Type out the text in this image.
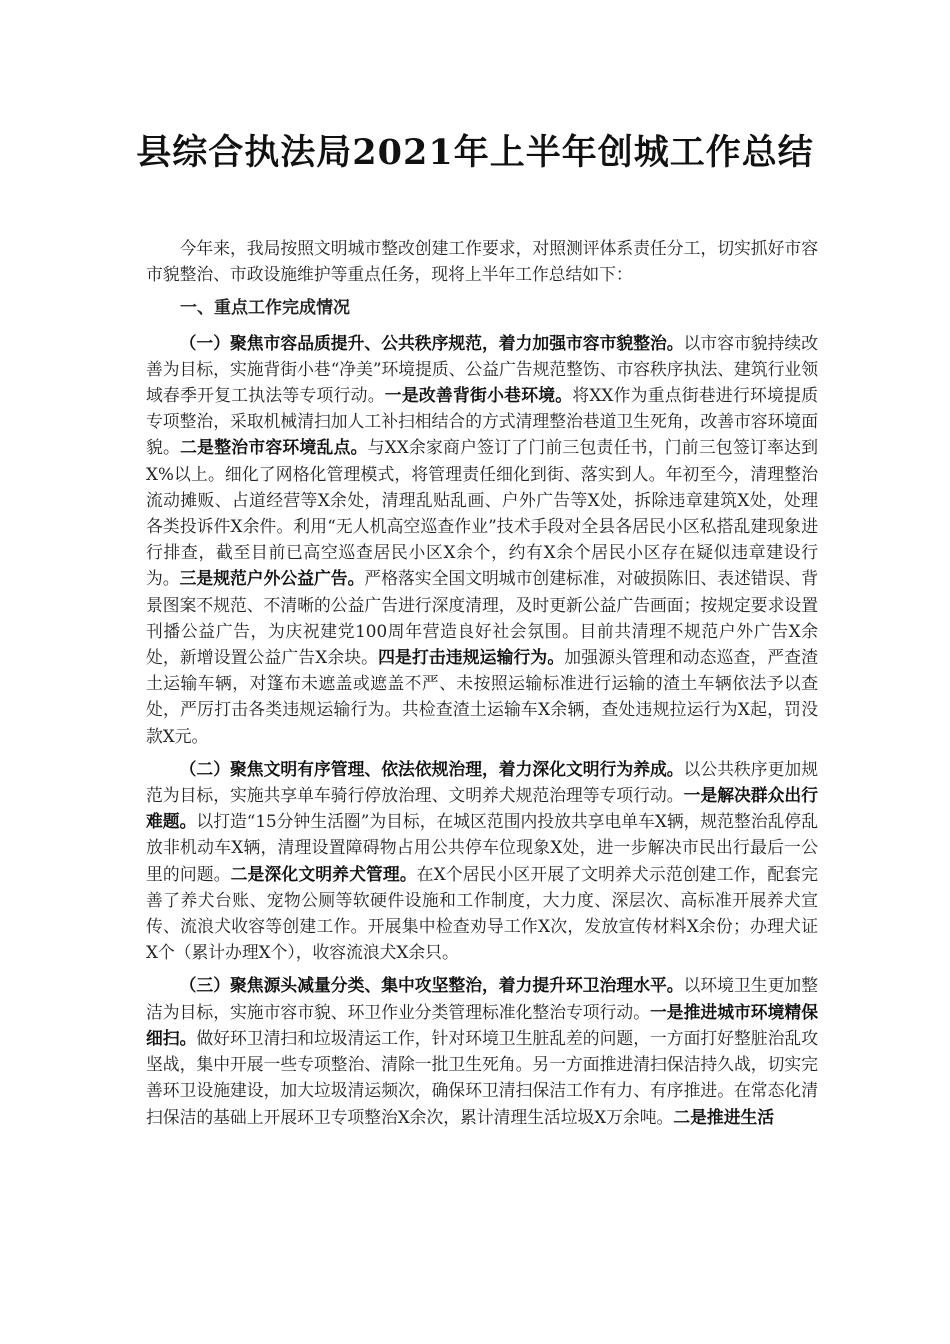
县综合执法局2021年上半年创城工作总结

今年来，我局按照文明城市整改创建工作要求，对照测评体系责任分工，切实抓好市容市貌整治、市政设施维护等重点任务，现将上半年工作总结如下：

一、重点工作完成情况

（一）聚焦市容品质提升、公共秩序规范，着力加强市容市貌整治。以市容市貌持续改善为目标，实施背街小巷“净美”环境提质、公益广告规范整饬、市容秩序执法、建筑行业领域春季开复工执法等专项行动。一是改善背街小巷环境。将XX作为重点街巷进行环境提质专项整治，采取机械清扫加人工补扫相结合的方式清理整治巷道卫生死角，改善市容环境面貌。二是整治市容环境乱点。与XX余家商户签订了门前三包责任书，门前三包签订率达到X%以上。细化了网格化管理模式，将管理责任细化到街、落实到人。年初至今，清理整治流动摊贩、占道经营等X余处，清理乱贴乱画、户外广告等X处，拆除违章建筑X处，处理各类投诉件X余件。利用“无人机高空巡查作业”技术手段对全县各居民小区私搭乱建现象进行排查，截至目前已高空巡查居民小区X余个，约有X余个居民小区存在疑似违章建设行为。三是规范户外公益广告。严格落实全国文明城市创建标准，对破损陈旧、表述错误、背景图案不规范、不清晰的公益广告进行深度清理，及时更新公益广告画面；按规定要求设置刊播公益广告，为庆祝建党100周年营造良好社会氛围。目前共清理不规范户外广告X余处，新增设置公益广告X余块。四是打击违规运输行为。加强源头管理和动态巡查，严查渣土运输车辆，对篷布未遮盖或遮盖不严、未按照运输标准进行运输的渣土车辆依法予以查处，严厉打击各类违规运输行为。共检查渣土运输车X余辆，查处违规拉运行为X起，罚没款X元。

（二）聚焦文明有序管理、依法依规治理，着力深化文明行为养成。以公共秩序更加规范为目标，实施共享单车骑行停放治理、文明养犬规范治理等专项行动。一是解决群众出行难题。以打造“15分钟生活圈”为目标，在城区范围内投放共享电单车X辆，规范整治乱停乱放非机动车X辆，清理设置障碍物占用公共停车位现象X处，进一步解决市民出行最后一公里的问题。二是深化文明养犬管理。在X个居民小区开展了文明养犬示范创建工作，配套完善了养犬台账、宠物公厕等软硬件设施和工作制度，大力度、深层次、高标准开展养犬宣传、流浪犬收容等创建工作。开展集中检查劝导工作X次，发放宣传材料X余份；办理犬证X个（累计办理X个），收容流浪犬X余只。

（三）聚焦源头减量分类、集中攻坚整治，着力提升环卫治理水平。以环境卫生更加整洁为目标，实施市容市貌、环卫作业分类管理标准化整治专项行动。一是推进城市环境精保细扫。做好环卫清扫和垃圾清运工作，针对环境卫生脏乱差的问题，一方面打好整脏治乱攻坚战，集中开展一些专项整治、清除一批卫生死角。另一方面推进清扫保洁持久战，切实完善环卫设施建设，加大垃圾清运频次，确保环卫清扫保洁工作有力、有序推进。在常态化清扫保洁的基础上开展环卫专项整治X余次，累计清理生活垃圾X万余吨。二是推进生活
